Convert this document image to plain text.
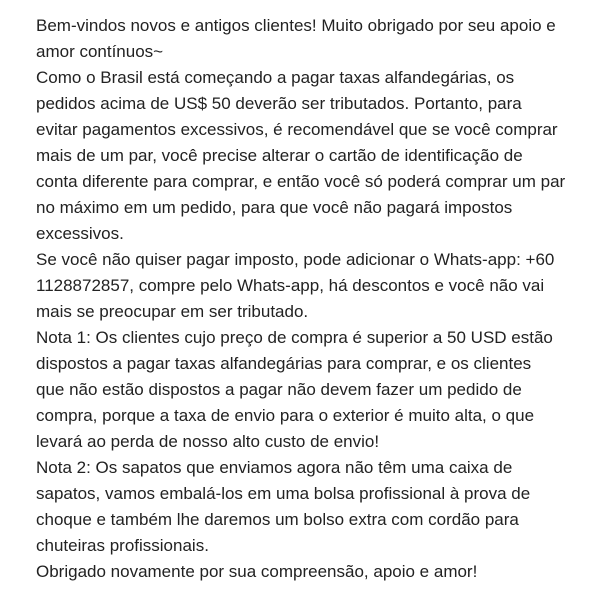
Bem-vindos novos e antigos clientes! Muito obrigado por seu apoio e
amor contínuos~
Como o Brasil está começando a pagar taxas alfandegárias, os
pedidos acima de US$ 50 deverão ser tributados. Portanto, para
evitar pagamentos excessivos, é recomendável que se você comprar
mais de um par, você precise alterar o cartão de identificação de
conta diferente para comprar, e então você só poderá comprar um par
no máximo em um pedido, para que você não pagará impostos
excessivos.
Se você não quiser pagar imposto, pode adicionar o Whats-app: +60
1128872857, compre pelo Whats-app, há descontos e você não vai
mais se preocupar em ser tributado.
Nota 1: Os clientes cujo preço de compra é superior a 50 USD estão
dispostos a pagar taxas alfandegárias para comprar, e os clientes
que não estão dispostos a pagar não devem fazer um pedido de
compra, porque a taxa de envio para o exterior é muito alta, o que
levará ao perda de nosso alto custo de envio!
Nota 2: Os sapatos que enviamos agora não têm uma caixa de
sapatos, vamos embalá-los em uma bolsa profissional à prova de
choque e também lhe daremos um bolso extra com cordão para
chuteiras profissionais.
Obrigado novamente por sua compreensão, apoio e amor!
